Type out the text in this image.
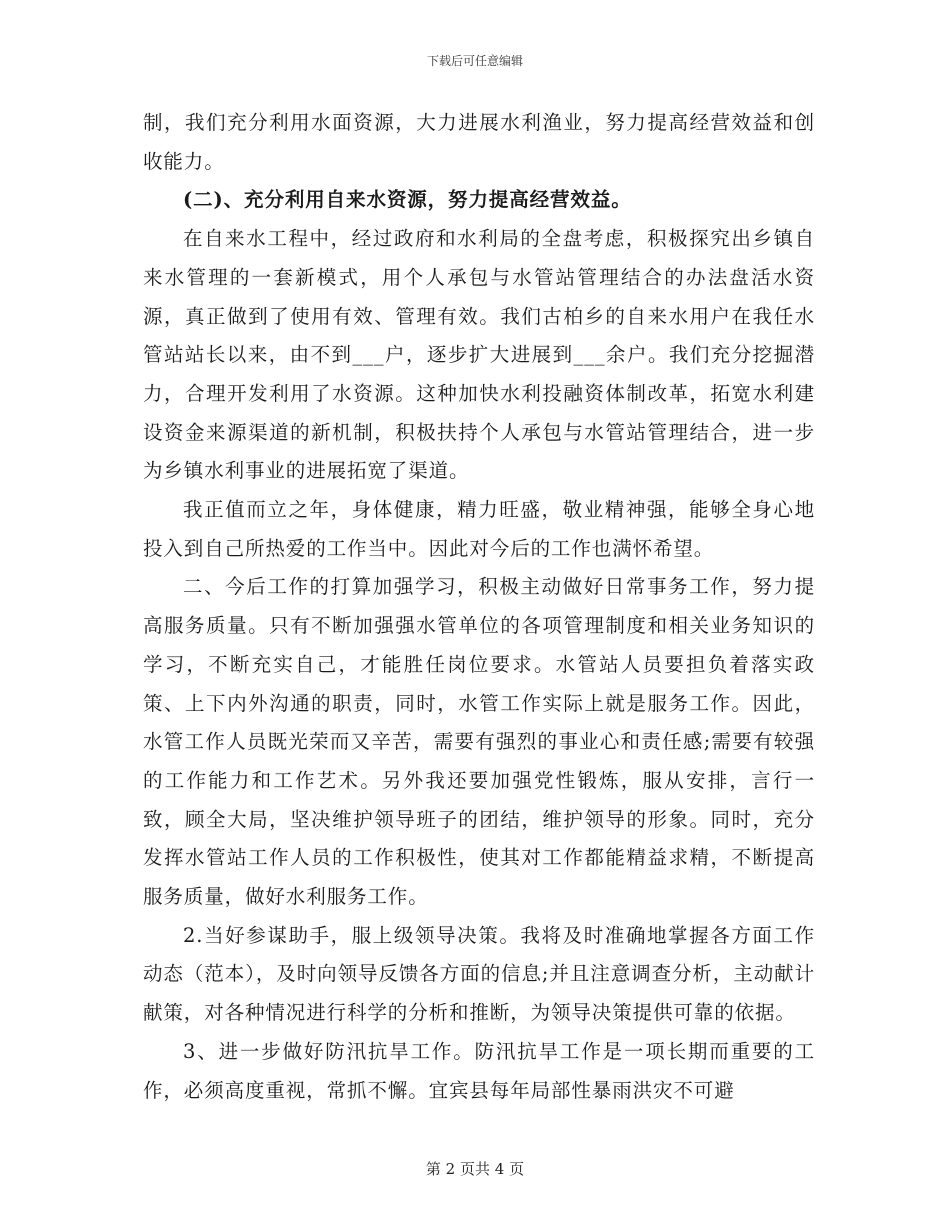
下载后可任意编辑

制，我们充分利用水面资源，大力进展水利渔业，努力提高经营效益和创收能力。

(二)、充分利用自来水资源，努力提高经营效益。

在自来水工程中，经过政府和水利局的全盘考虑，积极探究出乡镇自来水管理的一套新模式，用个人承包与水管站管理结合的办法盘活水资源，真正做到了使用有效、管理有效。我们古柏乡的自来水用户在我任水管站站长以来，由不到___户，逐步扩大进展到___余户。我们充分挖掘潜力，合理开发利用了水资源。这种加快水利投融资体制改革，拓宽水利建设资金来源渠道的新机制，积极扶持个人承包与水管站管理结合，进一步为乡镇水利事业的进展拓宽了渠道。

我正值而立之年，身体健康，精力旺盛，敬业精神强，能够全身心地投入到自己所热爱的工作当中。因此对今后的工作也满怀希望。

二、今后工作的打算加强学习，积极主动做好日常事务工作，努力提高服务质量。只有不断加强强水管单位的各项管理制度和相关业务知识的学习，不断充实自己，才能胜任岗位要求。水管站人员要担负着落实政策、上下内外沟通的职责，同时，水管工作实际上就是服务工作。因此，水管工作人员既光荣而又辛苦，需要有强烈的事业心和责任感;需要有较强的工作能力和工作艺术。另外我还要加强党性锻炼，服从安排，言行一致，顾全大局，坚决维护领导班子的团结，维护领导的形象。同时，充分发挥水管站工作人员的工作积极性，使其对工作都能精益求精，不断提高服务质量，做好水利服务工作。

2.当好参谋助手，服上级领导决策。我将及时准确地掌握各方面工作动态（范本），及时向领导反馈各方面的信息;并且注意调查分析，主动献计献策，对各种情况进行科学的分析和推断，为领导决策提供可靠的依据。

3、进一步做好防汛抗旱工作。防汛抗旱工作是一项长期而重要的工作，必须高度重视，常抓不懈。宜宾县每年局部性暴雨洪灾不可避

第 2 页共 4 页
